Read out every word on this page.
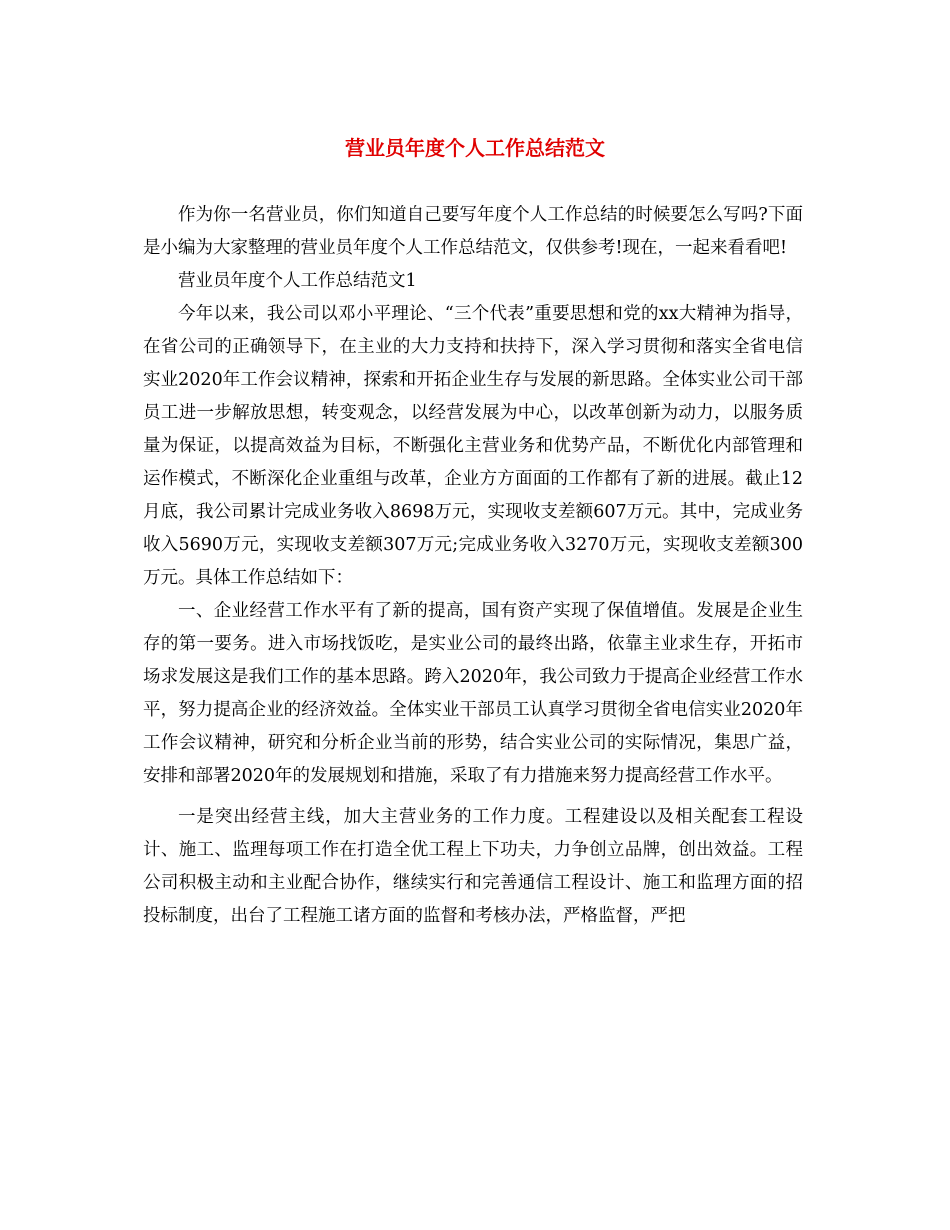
营业员年度个人工作总结范文

作为你一名营业员，你们知道自己要写年度个人工作总结的时候要怎么写吗?下面是小编为大家整理的营业员年度个人工作总结范文，仅供参考!现在，一起来看看吧!

营业员年度个人工作总结范文1

今年以来，我公司以邓小平理论、“三个代表”重要思想和党的xx大精神为指导，在省公司的正确领导下，在主业的大力支持和扶持下，深入学习贯彻和落实全省电信实业2020年工作会议精神，探索和开拓企业生存与发展的新思路。全体实业公司干部员工进一步解放思想，转变观念，以经营发展为中心，以改革创新为动力，以服务质量为保证，以提高效益为目标，不断强化主营业务和优势产品，不断优化内部管理和运作模式，不断深化企业重组与改革，企业方方面面的工作都有了新的进展。截止12月底，我公司累计完成业务收入8698万元，实现收支差额607万元。其中，完成业务收入5690万元，实现收支差额307万元;完成业务收入3270万元，实现收支差额300万元。具体工作总结如下：

一、企业经营工作水平有了新的提高，国有资产实现了保值增值。发展是企业生存的第一要务。进入市场找饭吃，是实业公司的最终出路，依靠主业求生存，开拓市场求发展这是我们工作的基本思路。跨入2020年，我公司致力于提高企业经营工作水平，努力提高企业的经济效益。全体实业干部员工认真学习贯彻全省电信实业2020年工作会议精神，研究和分析企业当前的形势，结合实业公司的实际情况，集思广益，安排和部署2020年的发展规划和措施，采取了有力措施来努力提高经营工作水平。

一是突出经营主线，加大主营业务的工作力度。工程建设以及相关配套工程设计、施工、监理每项工作在打造全优工程上下功夫，力争创立品牌，创出效益。工程公司积极主动和主业配合协作，继续实行和完善通信工程设计、施工和监理方面的招投标制度，出台了工程施工诸方面的监督和考核办法，严格监督，严把
